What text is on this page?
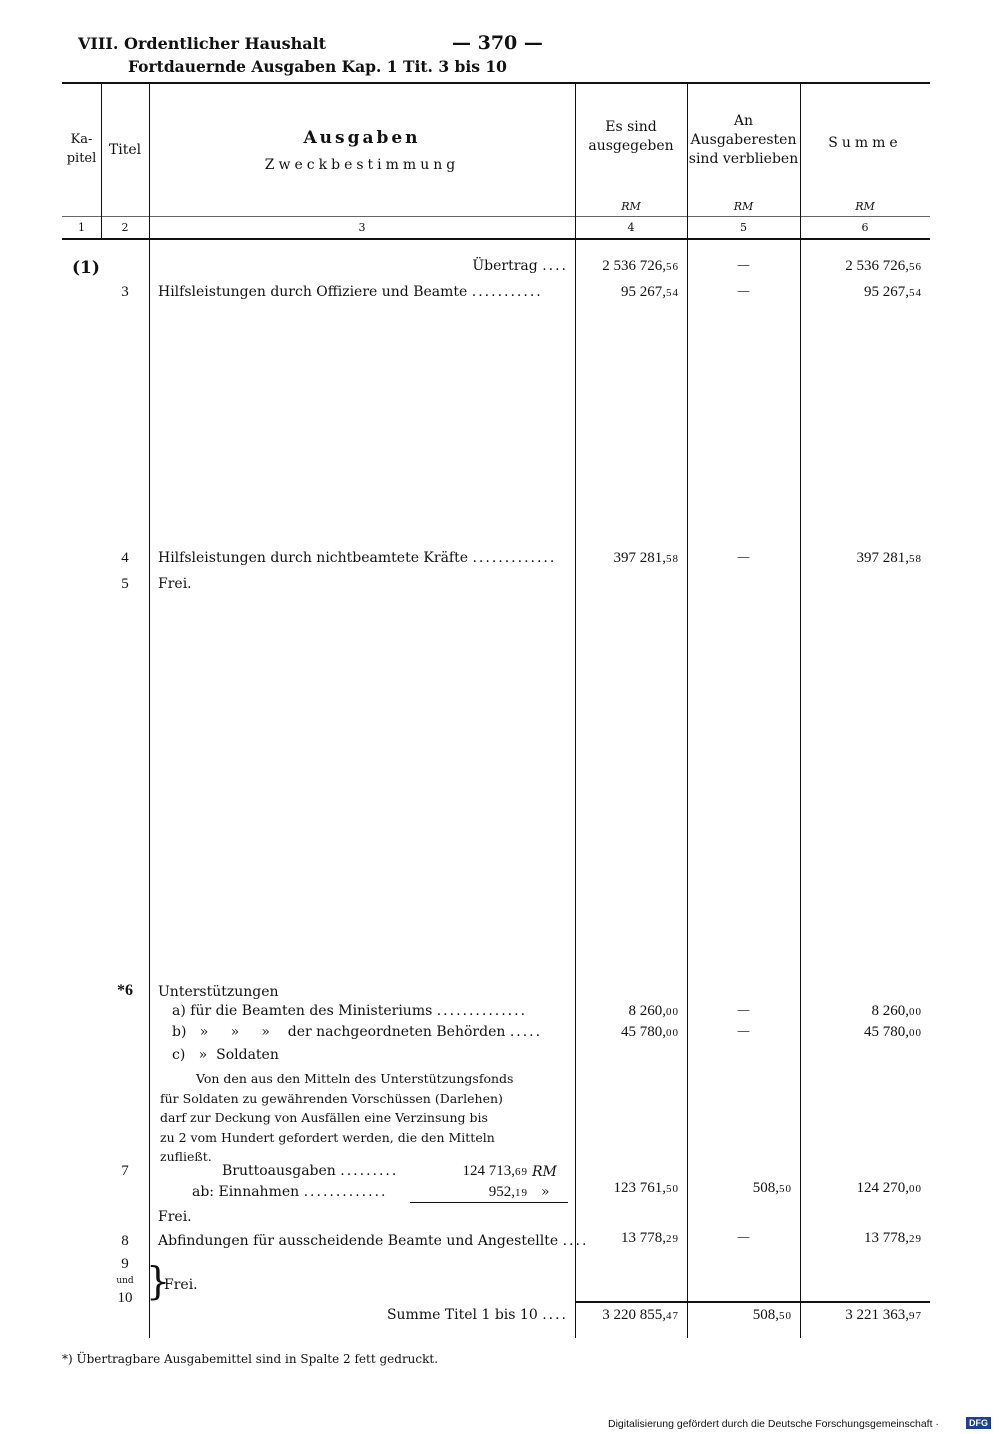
VIII. Ordentlicher Haushalt	— 370 —
Fortdauernde Ausgaben Kap. 1 Tit. 3 bis 10
Ka-
pitel
Titel
Ausgaben
Zweckbestimmung
Es sind
ausgegeben
An
Ausgaberesten
sind verblieben
Summe
RM	RM	RM
1	2	3	4	5	6
(1)	Übertrag ....	2 536 726,56	—	2 536 726,56
3	Hilfsleistungen durch Offiziere und Beamte ...........	95 267,54	—	95 267,54
4	Hilfsleistungen durch nichtbeamtete Kräfte .............	397 281,58	—	397 281,58
5	Frei.
*6	Unterstützungen
a) für die Beamten des Ministeriums ..............	8 260,00	—	8 260,00
b)   »     »     »    der nachgeordneten Behörden .....	45 780,00	—	45 780,00
c)   »  Soldaten
Von den aus den Mitteln des Unterstützungsfonds
für Soldaten zu gewährenden Vorschüssen (Darlehen)
darf zur Deckung von Ausfällen eine Verzinsung bis
zu 2 vom Hundert gefordert werden, die den Mitteln
zufließt.
7	Bruttoausgaben .........	124 713,69 RM
ab: Einnahmen .............	952,19 »	123 761,50	508,50	124 270,00
Frei.
8	Abfindungen für ausscheidende Beamte und Angestellte ....	13 778,29	—	13 778,29
9
und
10 }
Frei.
Summe Titel 1 bis 10 ....	3 220 855,47	508,50	3 221 363,97
*) Übertragbare Ausgabemittel sind in Spalte 2 fett gedruckt.
Digitalisierung gefördert durch die Deutsche Forschungsgemeinschaft ·	DFG
